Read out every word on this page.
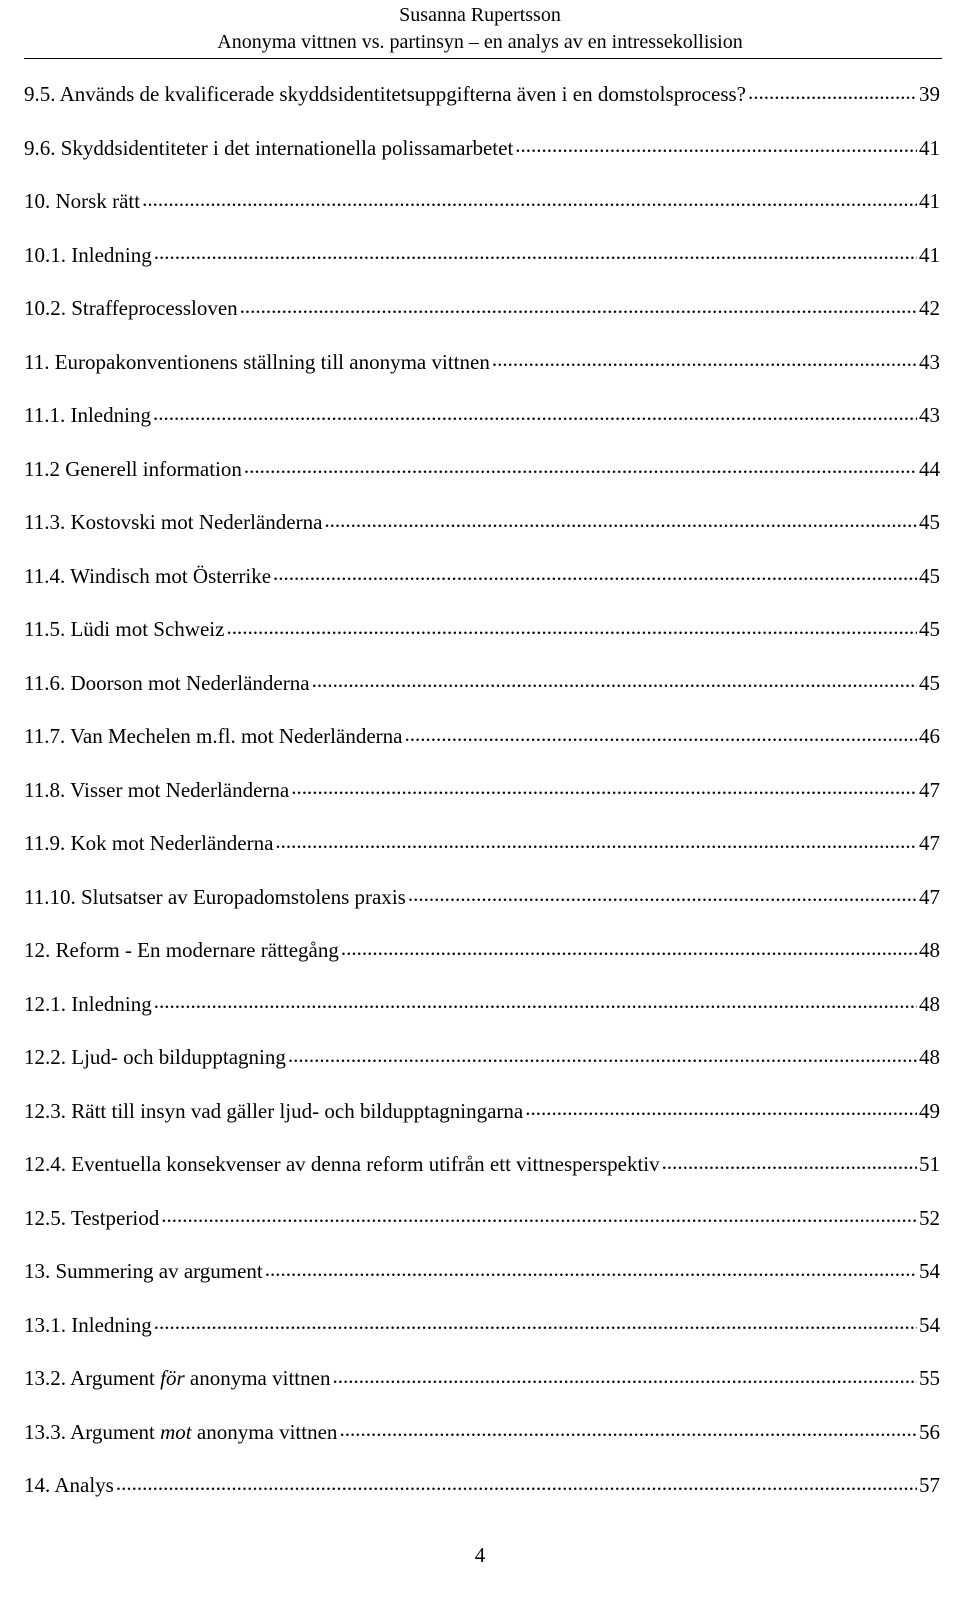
Susanna Rupertsson
Anonyma vittnen vs. partinsyn – en analys av en intressekollision
9.5. Används de kvalificerade skyddsidentitetsuppgifterna även i en domstolsprocess? .....	39
9.6. Skyddsidentiteter i det internationella polissamarbetet .....	41
10. Norsk rätt .....	41
10.1. Inledning .....	41
10.2. Straffeprocessloven .....	42
11. Europakonventionens ställning till anonyma vittnen .....	43
11.1. Inledning .....	43
11.2 Generell information .....	44
11.3. Kostovski mot Nederländerna .....	45
11.4. Windisch mot Österrike .....	45
11.5. Lüdi mot Schweiz .....	45
11.6. Doorson mot Nederländerna .....	45
11.7. Van Mechelen m.fl. mot Nederländerna .....	46
11.8. Visser mot Nederländerna .....	47
11.9. Kok mot Nederländerna .....	47
11.10. Slutsatser av Europadomstolens praxis .....	47
12. Reform - En modernare rättegång .....	48
12.1. Inledning .....	48
12.2. Ljud- och bildupptagning .....	48
12.3. Rätt till insyn vad gäller ljud- och bildupptagningarna .....	49
12.4. Eventuella konsekvenser av denna reform utifrån ett vittnesperspektiv .....	51
12.5. Testperiod .....	52
13. Summering av argument .....	54
13.1. Inledning .....	54
13.2. Argument för anonyma vittnen .....	55
13.3. Argument mot anonyma vittnen .....	56
14. Analys .....	57
4
